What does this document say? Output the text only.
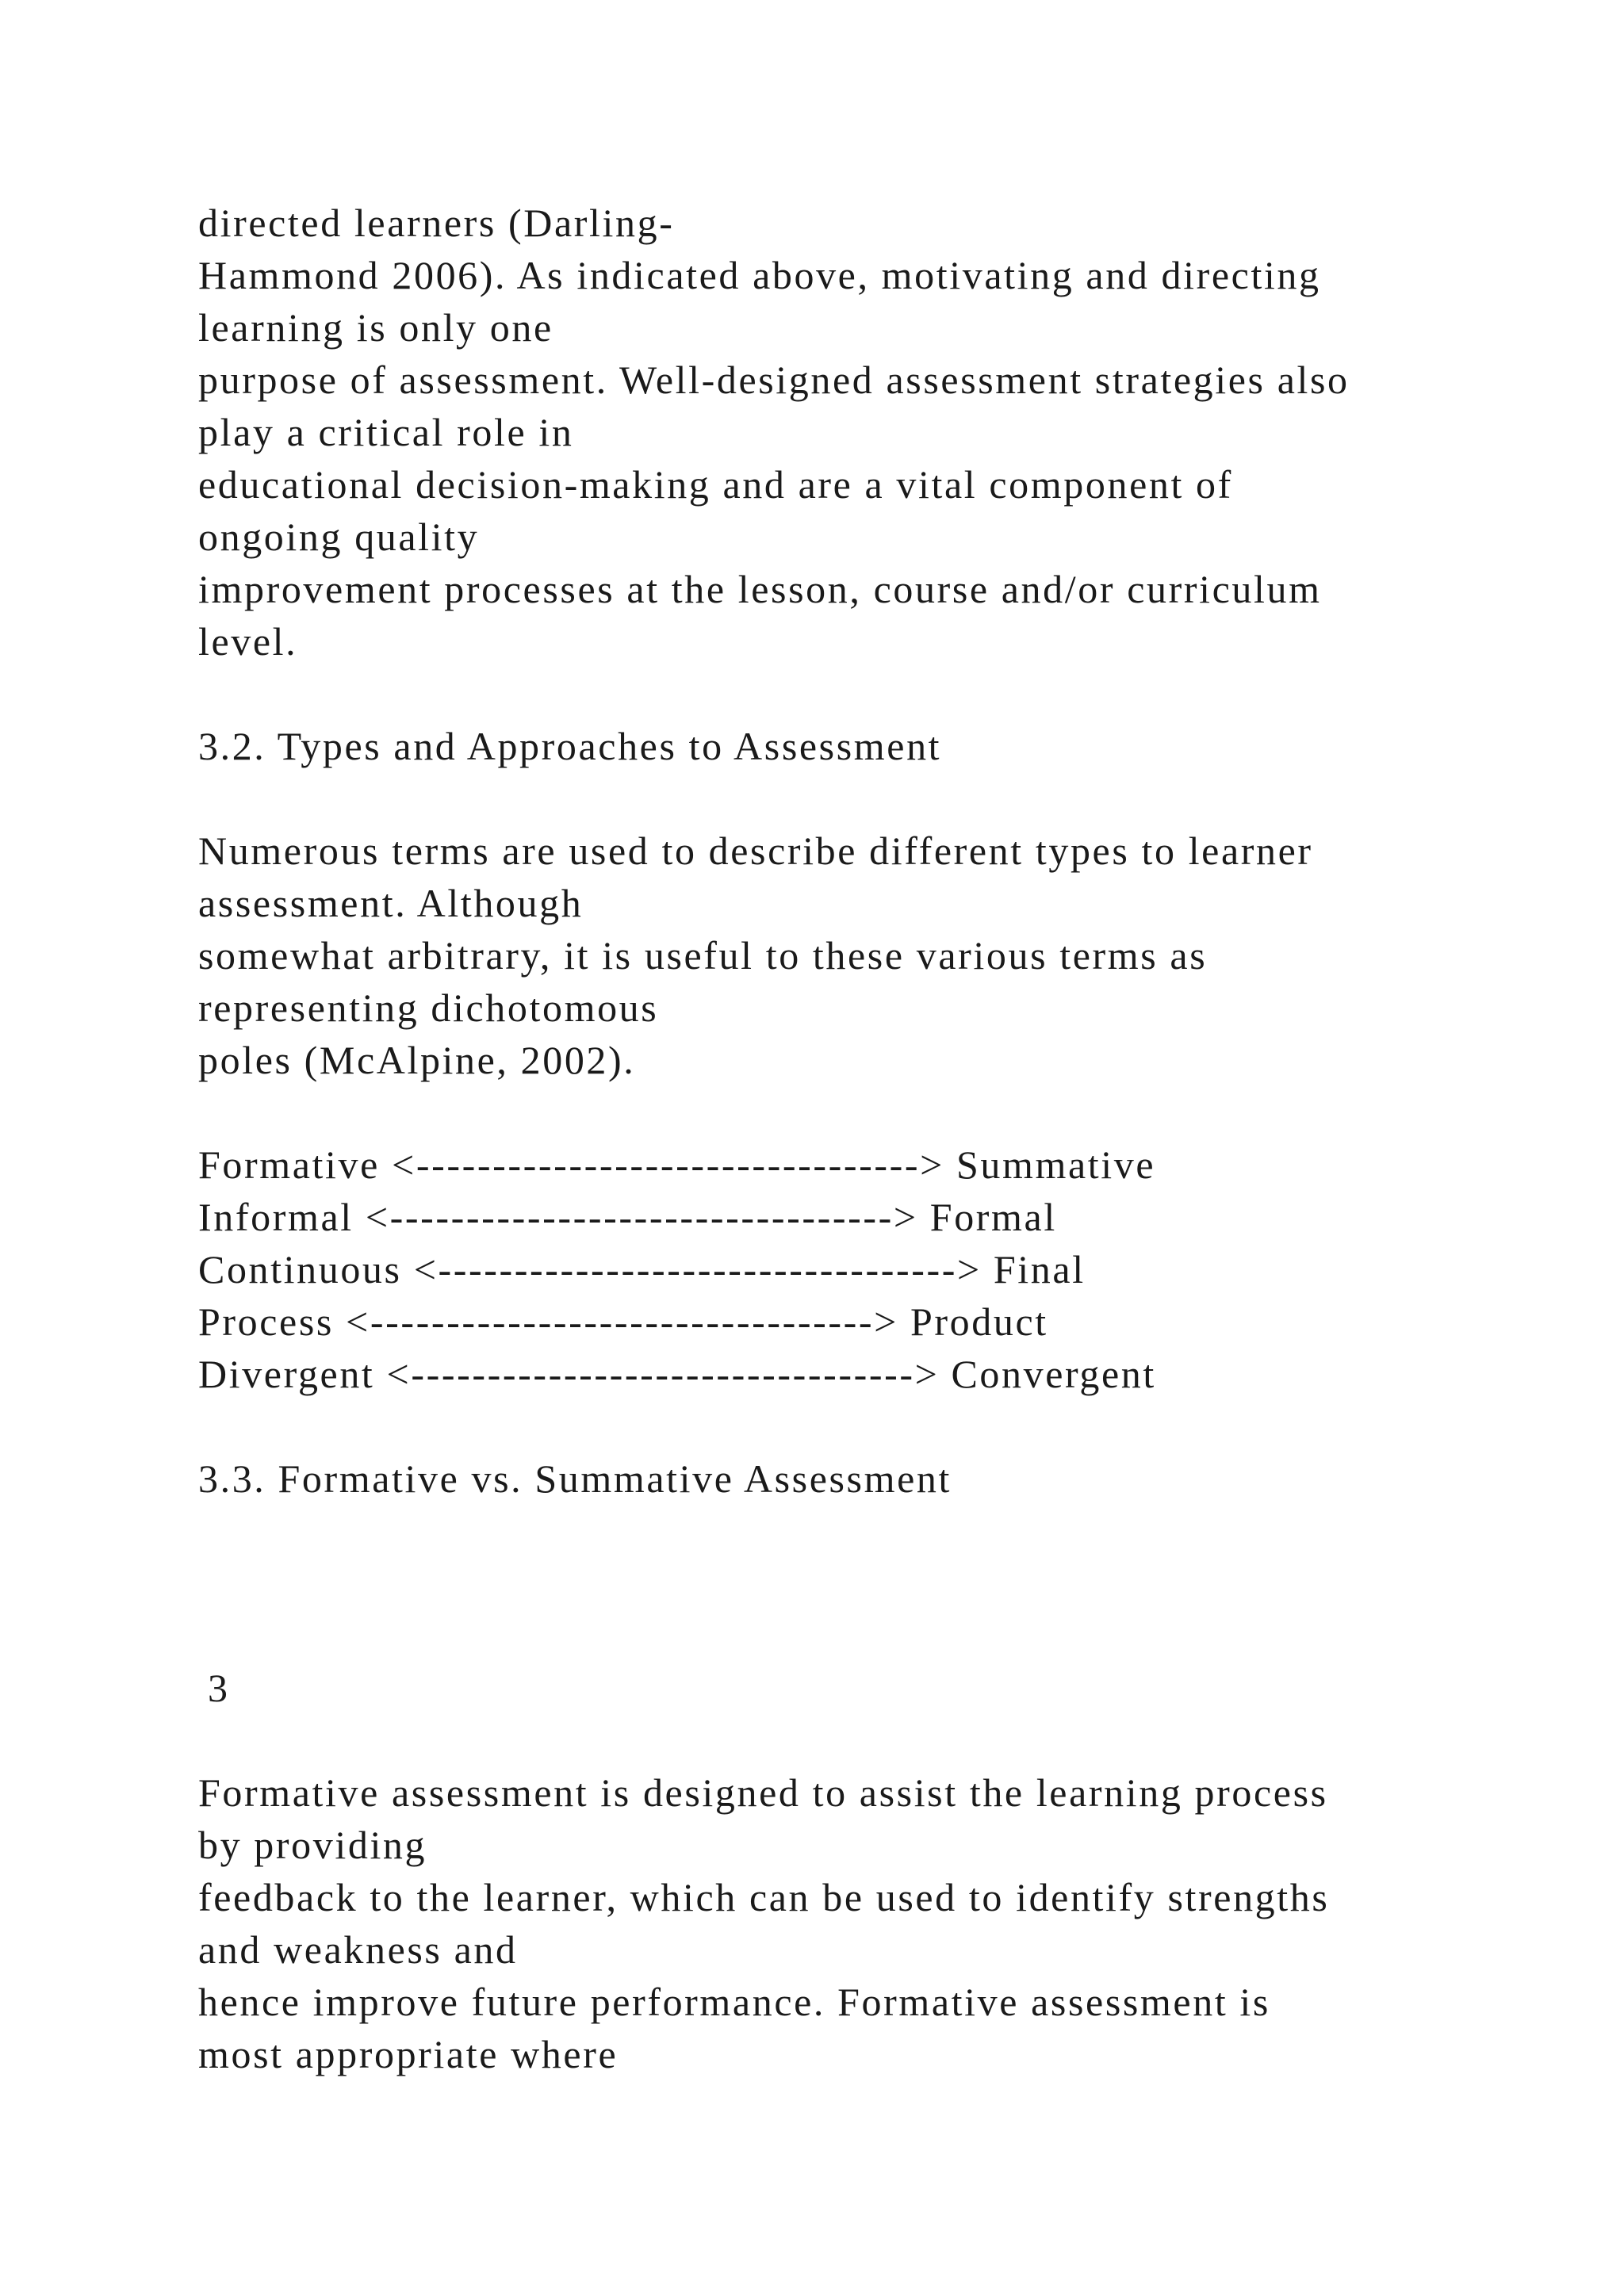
directed learners (Darling-

Hammond 2006). As indicated above, motivating and directing

learning is only one

purpose of assessment. Well-designed assessment strategies also

play a critical role in

educational decision-making and are a vital component of

ongoing quality

improvement processes at the lesson, course and/or curriculum

level.

3.2. Types and Approaches to Assessment

Numerous terms are used to describe different types to learner

assessment. Although

somewhat arbitrary, it is useful to these various terms as

representing dichotomous

poles (McAlpine, 2002).

Formative <---------------------------------> Summative

Informal <---------------------------------> Formal

Continuous <----------------------------------> Final

Process <---------------------------------> Product

Divergent <---------------------------------> Convergent

3.3. Formative vs. Summative Assessment

3

Formative assessment is designed to assist the learning process

by providing

feedback to the learner, which can be used to identify strengths

and weakness and

hence improve future performance. Formative assessment is

most appropriate where
